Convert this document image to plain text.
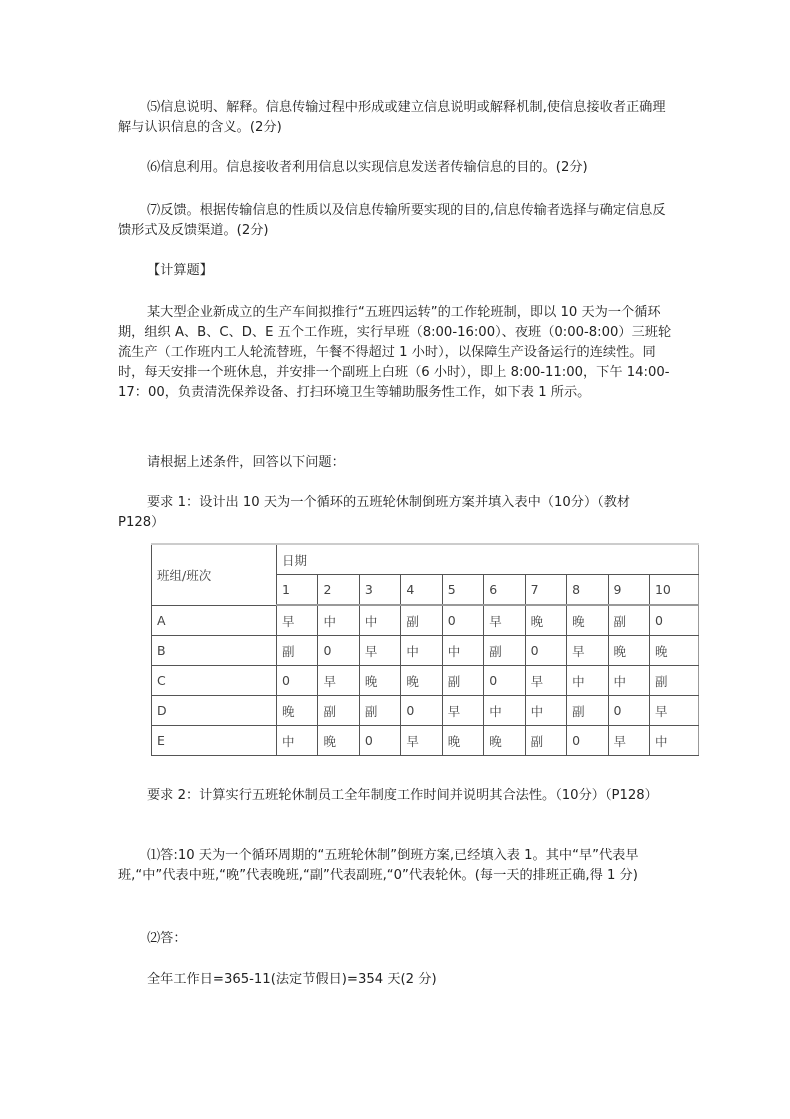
⑸信息说明、解释。信息传输过程中形成或建立信息说明或解释机制,使信息接收者正确理解与认识信息的含义。(2分)

⑹信息利用。信息接收者利用信息以实现信息发送者传输信息的目的。(2分)

⑺反馈。根据传输信息的性质以及信息传输所要实现的目的,信息传输者选择与确定信息反馈形式及反馈渠道。(2分)

【计算题】

某大型企业新成立的生产车间拟推行“五班四运转”的工作轮班制，即以 10 天为一个循环期，组织 A、B、C、D、E 五个工作班，实行早班（8:00-16:00）、夜班（0:00-8:00）三班轮流生产（工作班内工人轮流替班，午餐不得超过 1 小时），以保障生产设备运行的连续性。同时，每天安排一个班休息，并安排一个副班上白班（6 小时），即上 8:00-11:00，下午 14:00-17：00，负责清洗保养设备、打扫环境卫生等辅助服务性工作，如下表 1 所示。

请根据上述条件，回答以下问题：

要求 1：设计出 10 天为一个循环的五班轮休制倒班方案并填入表中（10分）（教材 P128）

要求 2：计算实行五班轮休制员工全年制度工作时间并说明其合法性。（10分）（P128）

⑴答:10 天为一个循环周期的“五班轮休制”倒班方案,已经填入表 1。其中“早”代表早班,“中”代表中班,“晚”代表晚班,“副”代表副班,“0”代表轮休。(每一天的排班正确,得 1 分)

⑵答：

全年工作日=365-11(法定节假日)=354 天(2 分)

班组/班次	日期									
	1	2	3	4	5	6	7	8	9	10
A	早	中	中	副	0	早	晚	晚	副	0
B	副	0	早	中	中	副	0	早	晚	晚
C	0	早	晚	晚	副	0	早	中	中	副
D	晚	副	副	0	早	中	中	副	0	早
E	中	晚	0	早	晚	晚	副	0	早	中
